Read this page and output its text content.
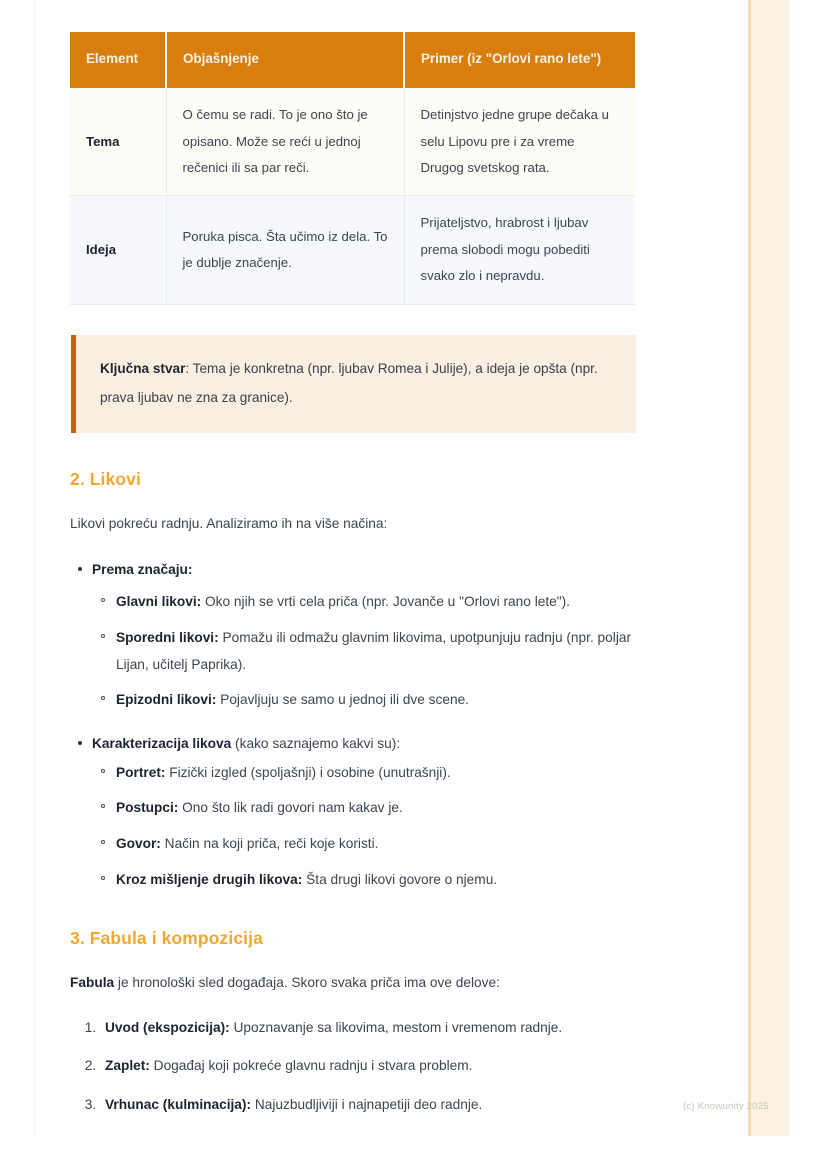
Element	Objašnjenje	Primer (iz "Orlovi rano lete")
Tema	O čemu se radi. To je ono što je opisano. Može se reći u jednoj rečenici ili sa par reči.	Detinjstvo jedne grupe dečaka u selu Lipovu pre i za vreme Drugog svetskog rata.
Ideja	Poruka pisca. Šta učimo iz dela. To je dublje značenje.	Prijateljstvo, hrabrost i ljubav prema slobodi mogu pobediti svako zlo i nepravdu.
Ključna stvar: Tema je konkretna (npr. ljubav Romea i Julije), a ideja je opšta (npr. prava ljubav ne zna za granice).
2. Likovi

Likovi pokreću radnju. Analiziramo ih na više načina:

Prema značaju:
Glavni likovi: Oko njih se vrti cela priča (npr. Jovanče u "Orlovi rano lete").
Sporedni likovi: Pomažu ili odmažu glavnim likovima, upotpunjuju radnju (npr. poljar Lijan, učitelj Paprika).
Epizodni likovi: Pojavljuju se samo u jednoj ili dve scene.
Karakterizacija likova (kako saznajemo kakvi su):
Portret: Fizički izgled (spoljašnji) i osobine (unutrašnji).
Postupci: Ono što lik radi govori nam kakav je.
Govor: Način na koji priča, reči koje koristi.
Kroz mišljenje drugih likova: Šta drugi likovi govore o njemu.
3. Fabula i kompozicija

Fabula je hronološki sled događaja. Skoro svaka priča ima ove delove:

1. Uvod (ekspozicija): Upoznavanje sa likovima, mestom i vremenom radnje.
2. Zaplet: Događaj koji pokreće glavnu radnju i stvara problem.
3. Vrhunac (kulminacija): Najuzbudljiviji i najnapetiji deo radnje.	(c) Knowunity 2025
